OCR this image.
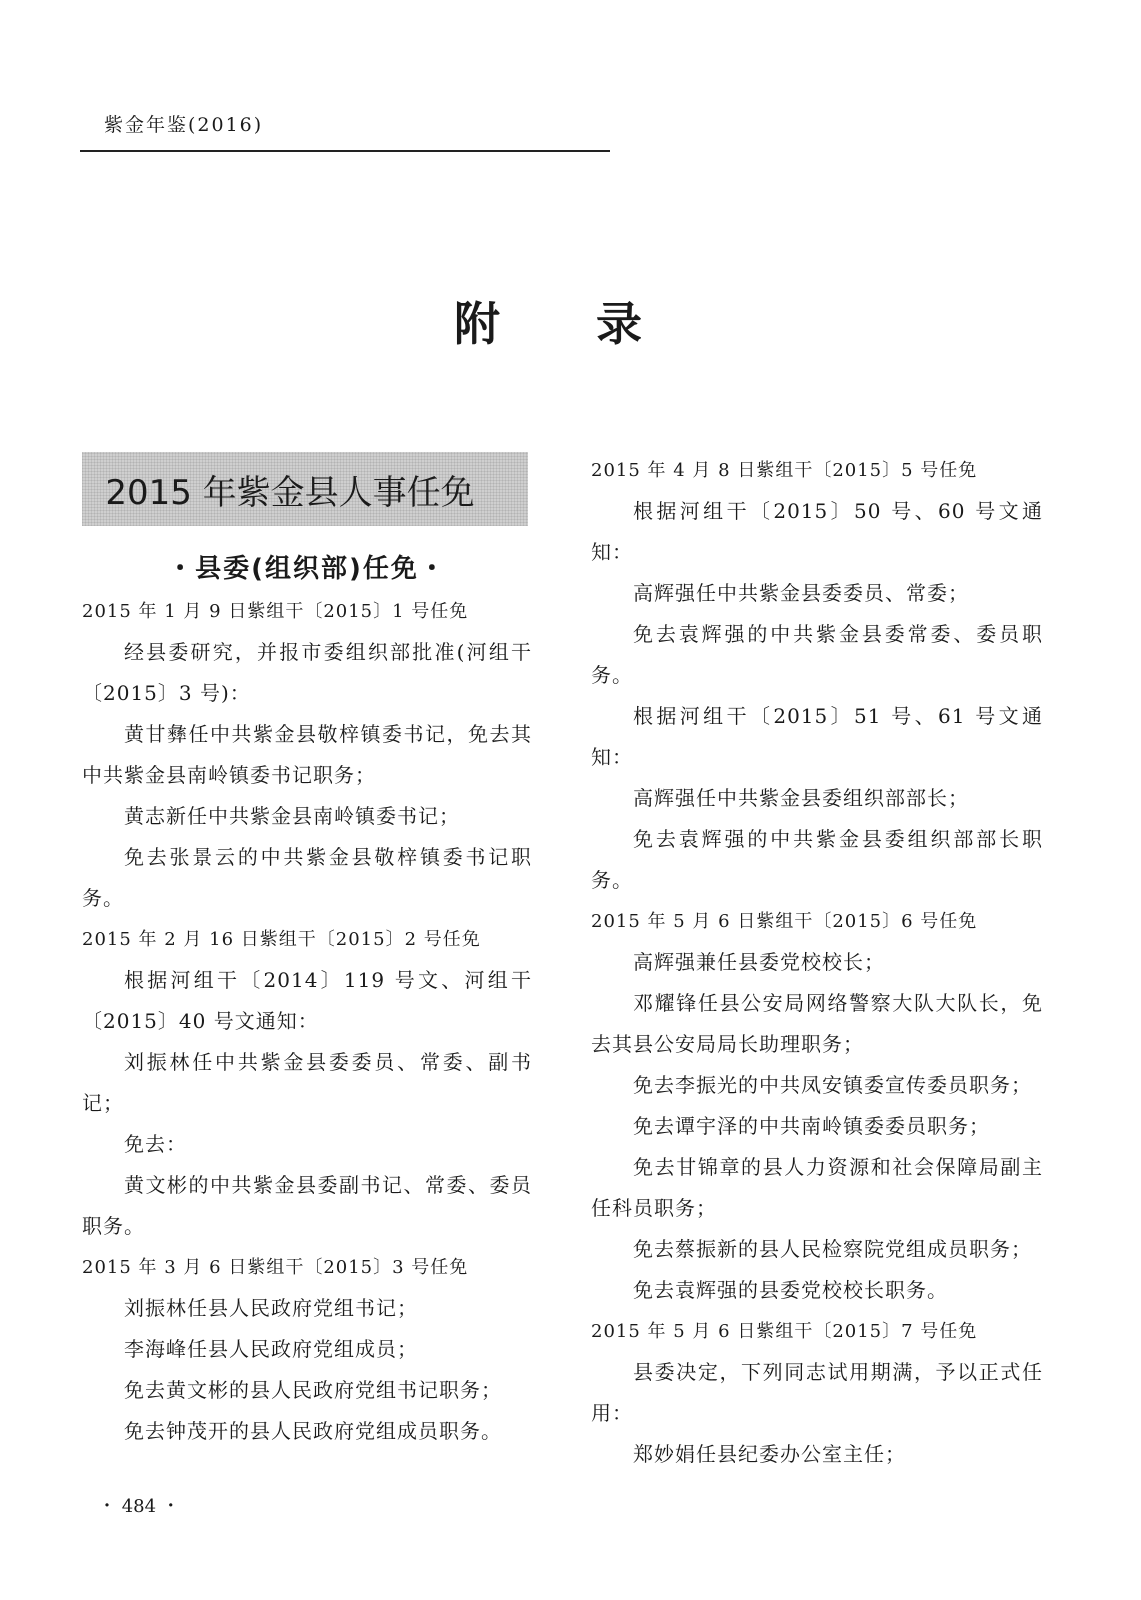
紫金年鉴(2016)
附 录
2015 年紫金县人事任免
・县委(组织部)任免・

2015 年 1 月 9 日紫组干〔2015〕1 号任免

经县委研究，并报市委组织部批准(河组干〔2015〕3 号)：

黄甘彝任中共紫金县敬梓镇委书记，免去其中共紫金县南岭镇委书记职务；

黄志新任中共紫金县南岭镇委书记；

免去张景云的中共紫金县敬梓镇委书记职务。

2015 年 2 月 16 日紫组干〔2015〕2 号任免

根据河组干〔2014〕119 号文、河组干〔2015〕40 号文通知：

刘振林任中共紫金县委委员、常委、副书记；

免去：

黄文彬的中共紫金县委副书记、常委、委员职务。

2015 年 3 月 6 日紫组干〔2015〕3 号任免

刘振林任县人民政府党组书记；

李海峰任县人民政府党组成员；

免去黄文彬的县人民政府党组书记职务；

免去钟茂开的县人民政府党组成员职务。

2015 年 4 月 8 日紫组干〔2015〕5 号任免

根据河组干〔2015〕50 号、60 号文通知：

高辉强任中共紫金县委委员、常委；

免去袁辉强的中共紫金县委常委、委员职务。

根据河组干〔2015〕51 号、61 号文通知：

高辉强任中共紫金县委组织部部长；

免去袁辉强的中共紫金县委组织部部长职务。

2015 年 5 月 6 日紫组干〔2015〕6 号任免

高辉强兼任县委党校校长；

邓耀锋任县公安局网络警察大队大队长，免去其县公安局局长助理职务；

免去李振光的中共凤安镇委宣传委员职务；

免去谭宇泽的中共南岭镇委委员职务；

免去甘锦章的县人力资源和社会保障局副主任科员职务；

免去蔡振新的县人民检察院党组成员职务；

免去袁辉强的县委党校校长职务。

2015 年 5 月 6 日紫组干〔2015〕7 号任免

县委决定，下列同志试用期满，予以正式任用：

郑妙娟任县纪委办公室主任；

・ 484 ・
